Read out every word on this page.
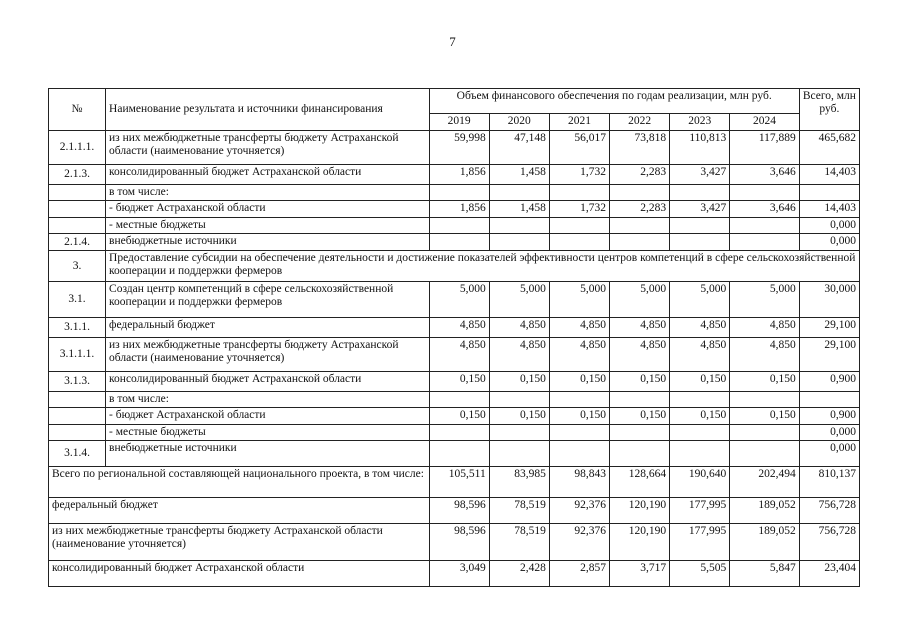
7
№	Наименование результата и источники финансирования	Объем финансового обеспечения по годам реализации, млн руб.						Всего, млн руб.
		2019	2020	2021	2022	2023	2024	
2.1.1.1.	из них межбюджетные трансферты бюджету Астраханской области (наименование уточняется)	59,998	47,148	56,017	73,818	110,813	117,889	465,682
2.1.3.	консолидированный бюджет Астраханской области	1,856	1,458	1,732	2,283	3,427	3,646	14,403
	в том числе:							
	- бюджет Астраханской области	1,856	1,458	1,732	2,283	3,427	3,646	14,403
	- местные бюджеты							0,000
2.1.4.	внебюджетные источники							0,000
3.	Предоставление субсидии на обеспечение деятельности и достижение показателей эффективности центров компетенций в сфере сельскохозяйственной кооперации и поддержки фермеров							
3.1.	Создан центр компетенций в сфере сельскохозяйственной кооперации и поддержки фермеров	5,000	5,000	5,000	5,000	5,000	5,000	30,000
3.1.1.	федеральный бюджет	4,850	4,850	4,850	4,850	4,850	4,850	29,100
3.1.1.1.	из них межбюджетные трансферты бюджету Астраханской области (наименование уточняется)	4,850	4,850	4,850	4,850	4,850	4,850	29,100
3.1.3.	консолидированный бюджет Астраханской области	0,150	0,150	0,150	0,150	0,150	0,150	0,900
	в том числе:							
	- бюджет Астраханской области	0,150	0,150	0,150	0,150	0,150	0,150	0,900
	- местные бюджеты							0,000
3.1.4.	внебюджетные источники							0,000
Всего по региональной составляющей национального проекта, в том числе:		105,511	83,985	98,843	128,664	190,640	202,494	810,137
федеральный бюджет		98,596	78,519	92,376	120,190	177,995	189,052	756,728
из них межбюджетные трансферты бюджету Астраханской области (наименование уточняется)		98,596	78,519	92,376	120,190	177,995	189,052	756,728
консолидированный бюджет Астраханской области		3,049	2,428	2,857	3,717	5,505	5,847	23,404
